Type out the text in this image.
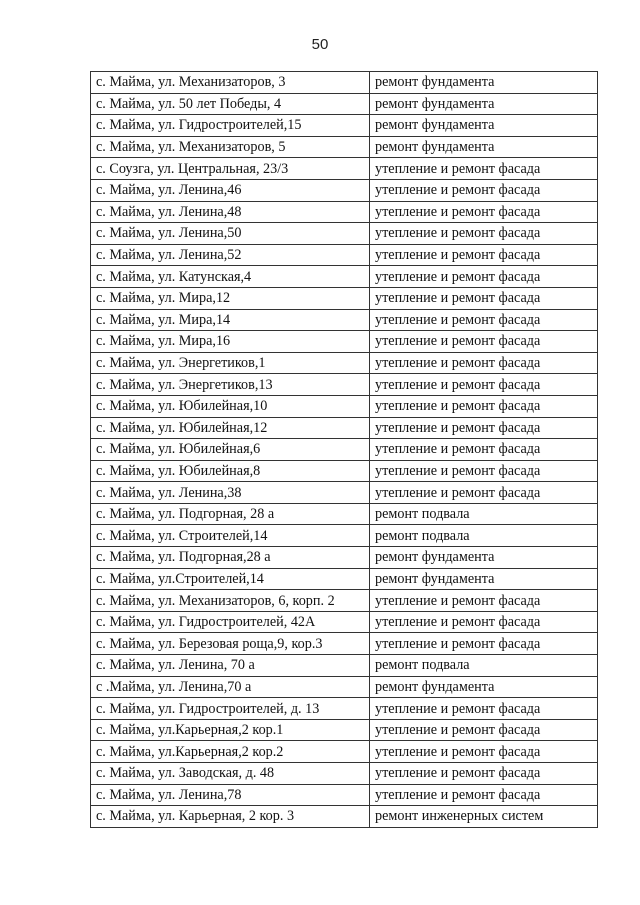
50
с. Майма, ул. Механизаторов, 3	ремонт фундамента
с. Майма, ул. 50 лет Победы, 4	ремонт фундамента
с. Майма, ул. Гидростроителей,15	ремонт фундамента
с. Майма, ул. Механизаторов, 5	ремонт фундамента
с. Соузга, ул. Центральная, 23/3	утепление и ремонт фасада
с. Майма, ул. Ленина,46	утепление и ремонт фасада
с. Майма, ул. Ленина,48	утепление и ремонт фасада
с. Майма, ул. Ленина,50	утепление и ремонт фасада
с. Майма, ул. Ленина,52	утепление и ремонт фасада
с. Майма, ул. Катунская,4	утепление и ремонт фасада
с. Майма, ул. Мира,12	утепление и ремонт фасада
с. Майма, ул. Мира,14	утепление и ремонт фасада
с. Майма, ул. Мира,16	утепление и ремонт фасада
с. Майма, ул. Энергетиков,1	утепление и ремонт фасада
с. Майма, ул. Энергетиков,13	утепление и ремонт фасада
с. Майма, ул. Юбилейная,10	утепление и ремонт фасада
с. Майма, ул. Юбилейная,12	утепление и ремонт фасада
с. Майма, ул. Юбилейная,6	утепление и ремонт фасада
с. Майма, ул. Юбилейная,8	утепление и ремонт фасада
с. Майма, ул. Ленина,38	утепление и ремонт фасада
с. Майма, ул. Подгорная, 28 а	ремонт подвала
с. Майма, ул. Строителей,14	ремонт подвала
с. Майма, ул. Подгорная,28 а	ремонт фундамента
с. Майма, ул.Строителей,14	ремонт фундамента
с. Майма, ул. Механизаторов, 6, корп. 2	утепление и ремонт фасада
с. Майма, ул. Гидростроителей, 42А	утепление и ремонт фасада
с. Майма, ул. Березовая роща,9, кор.3	утепление и ремонт фасада
с. Майма, ул. Ленина, 70 а	ремонт подвала
с .Майма, ул. Ленина,70 а	ремонт фундамента
с. Майма, ул. Гидростроителей, д. 13	утепление и ремонт фасада
с. Майма, ул.Карьерная,2 кор.1	утепление и ремонт фасада
с. Майма, ул.Карьерная,2 кор.2	утепление и ремонт фасада
с. Майма, ул. Заводская, д. 48	утепление и ремонт фасада
с. Майма, ул. Ленина,78	утепление и ремонт фасада
с. Майма, ул. Карьерная, 2 кор. 3	ремонт инженерных систем
